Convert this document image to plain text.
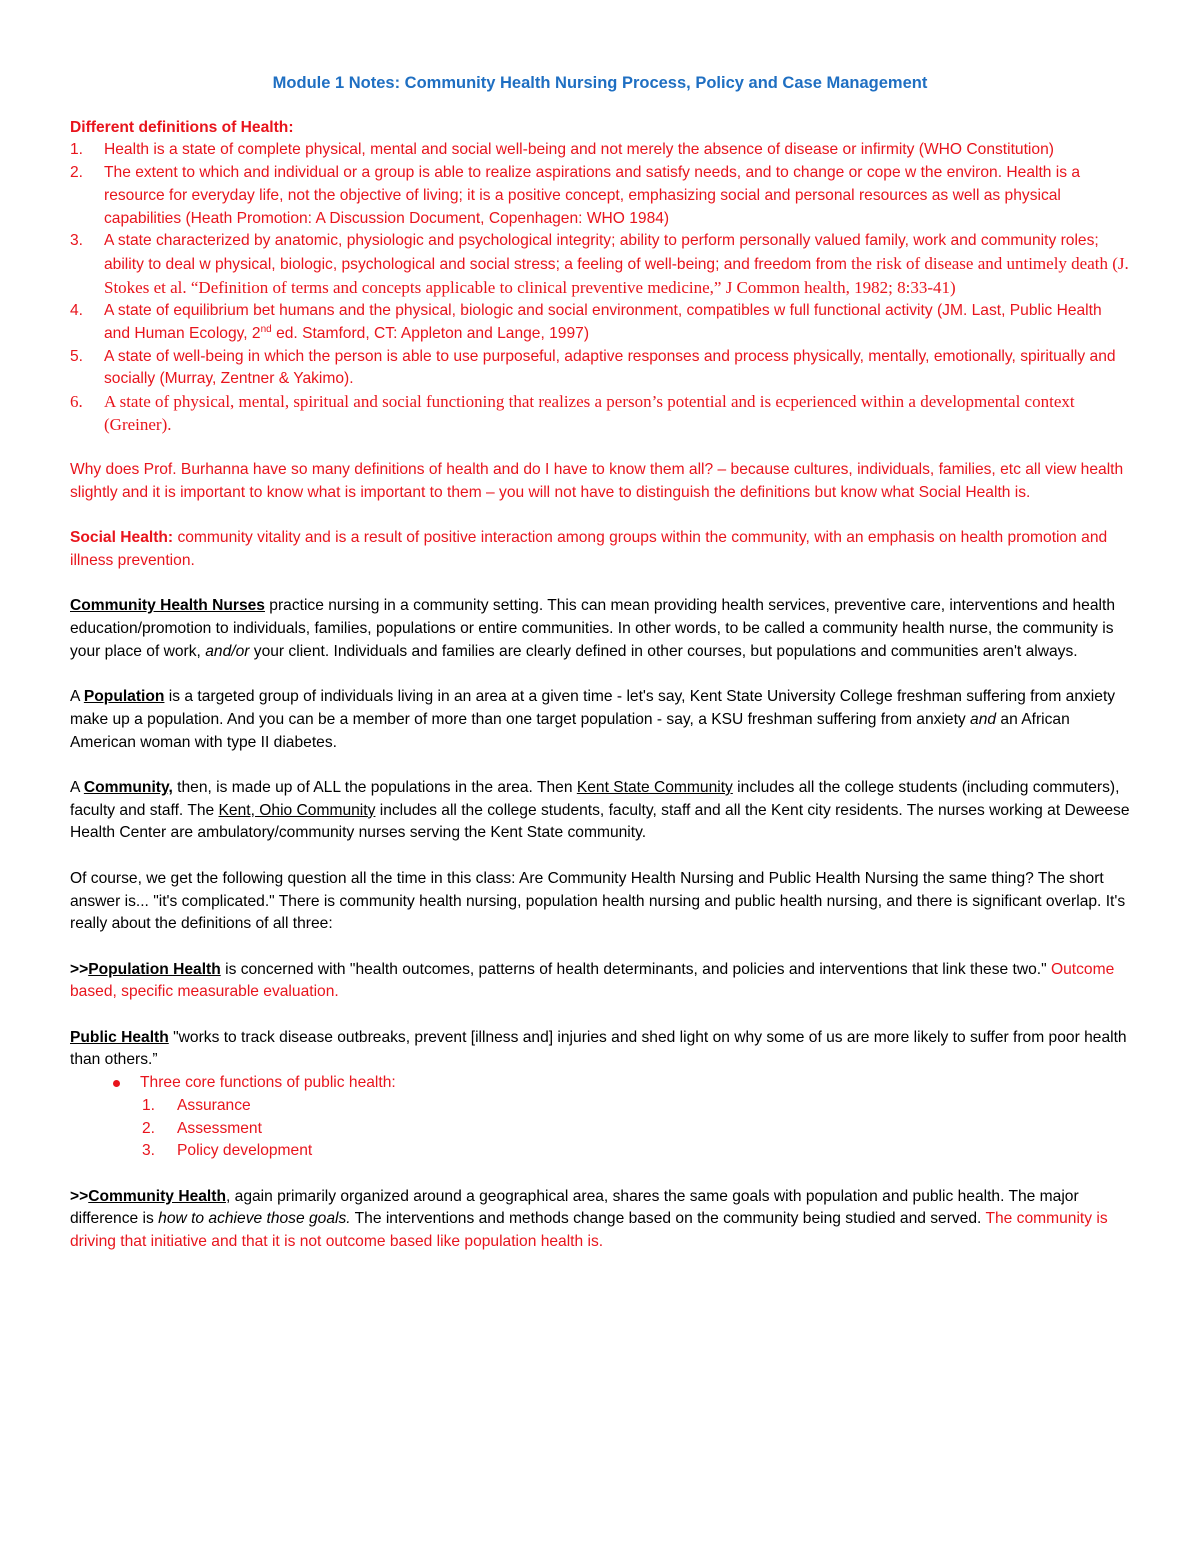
Module 1 Notes: Community Health Nursing Process, Policy and Case Management
Different definitions of Health:
1. Health is a state of complete physical, mental and social well-being and not merely the absence of disease or infirmity (WHO Constitution)
2. The extent to which and individual or a group is able to realize aspirations and satisfy needs, and to change or cope w the environ. Health is a resource for everyday life, not the objective of living; it is a positive concept, emphasizing social and personal resources as well as physical capabilities (Heath Promotion: A Discussion Document, Copenhagen: WHO 1984)
3. A state characterized by anatomic, physiologic and psychological integrity; ability to perform personally valued family, work and community roles; ability to deal w physical, biologic, psychological and social stress; a feeling of well-being; and freedom from the risk of disease and untimely death (J. Stokes et al. “Definition of terms and concepts applicable to clinical preventive medicine,” J Common health, 1982; 8:33-41)
4. A state of equilibrium bet humans and the physical, biologic and social environment, compatibles w full functional activity (JM. Last, Public Health and Human Ecology, 2nd ed. Stamford, CT: Appleton and Lange, 1997)
5. A state of well-being in which the person is able to use purposeful, adaptive responses and process physically, mentally, emotionally, spiritually and socially (Murray, Zentner & Yakimo).
6. A state of physical, mental, spiritual and social functioning that realizes a person’s potential and is ecperienced within a developmental context (Greiner).

Why does Prof. Burhanna have so many definitions of health and do I have to know them all? – because cultures, individuals, families, etc all view health slightly and it is important to know what is important to them – you will not have to distinguish the definitions but know what Social Health is.

Social Health: community vitality and is a result of positive interaction among groups within the community, with an emphasis on health promotion and illness prevention.

Community Health Nurses practice nursing in a community setting. This can mean providing health services, preventive care, interventions and health education/promotion to individuals, families, populations or entire communities. In other words, to be called a community health nurse, the community is your place of work, and/or your client. Individuals and families are clearly defined in other courses, but populations and communities aren't always.

A Population is a targeted group of individuals living in an area at a given time - let's say, Kent State University College freshman suffering from anxiety make up a population. And you can be a member of more than one target population - say, a KSU freshman suffering from anxiety and an African American woman with type II diabetes.

A Community, then, is made up of ALL the populations in the area. Then Kent State Community includes all the college students (including commuters), faculty and staff. The Kent, Ohio Community includes all the college students, faculty, staff and all the Kent city residents. The nurses working at Deweese Health Center are ambulatory/community nurses serving the Kent State community.

Of course, we get the following question all the time in this class: Are Community Health Nursing and Public Health Nursing the same thing? The short answer is... "it's complicated." There is community health nursing, population health nursing and public health nursing, and there is significant overlap. It's really about the definitions of all three:

>>Population Health is concerned with "health outcomes, patterns of health determinants, and policies and interventions that link these two." Outcome based, specific measurable evaluation.

Public Health "works to track disease outbreaks, prevent [illness and] injuries and shed light on why some of us are more likely to suffer from poor health than others.”
Three core functions of public health:
1. Assurance
2. Assessment
3. Policy development

>>Community Health, again primarily organized around a geographical area, shares the same goals with population and public health. The major difference is how to achieve those goals. The interventions and methods change based on the community being studied and served. The community is driving that initiative and that it is not outcome based like population health is.
